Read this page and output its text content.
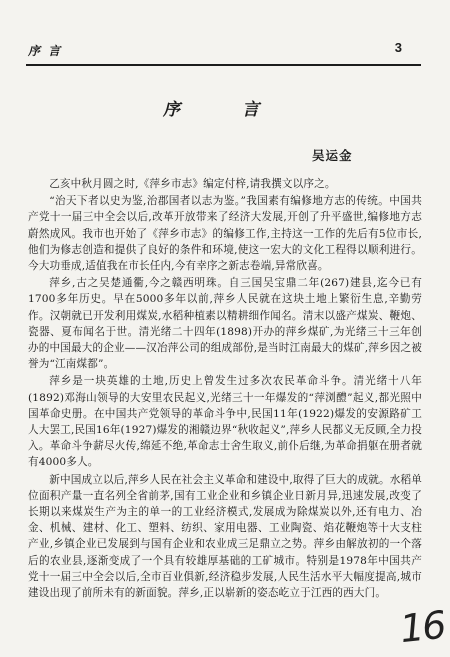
序 言	3
序 言
吴运金

乙亥中秋月圆之时,《萍乡市志》编定付梓,请我撰文以序之。

“治天下者以史为鉴,治郡国者以志为鉴。”我国素有编修地方志的传统。中国共产党十一届三中全会以后,改革开放带来了经济大发展,开创了升平盛世,编修地方志蔚然成风。我市也开始了《萍乡市志》的编修工作,主持这一工作的先后有5位市长,他们为修志创造和提供了良好的条件和环境,使这一宏大的文化工程得以顺利进行。今大功垂成,适值我在市长任内,今有幸序之新志卷端,异常欣喜。

萍乡,古之吴楚通衢,今之赣西明珠。自三国吴宝鼎二年(267)建县,迄今已有1700多年历史。早在5000多年以前,萍乡人民就在这块土地上繁衍生息,辛勤劳作。汉朝就已开发利用煤炭,水稻种植素以精耕细作闻名。清末以盛产煤炭、鞭炮、瓷器、夏布闻名于世。清光绪二十四年(1898)开办的萍乡煤矿,为光绪三十三年创办的中国最大的企业——汉冶萍公司的组成部份,是当时江南最大的煤矿,萍乡因之被誉为“江南煤都”。

萍乡是一块英雄的土地,历史上曾发生过多次农民革命斗争。清光绪十八年(1892)邓海山领导的大安里农民起义,光绪三十一年爆发的“萍浏醴”起义,都光照中国革命史册。在中国共产党领导的革命斗争中,民国11年(1922)爆发的安源路矿工人大罢工,民国16年(1927)爆发的湘赣边界“秋收起义”,萍乡人民都义无反顾,全力投入。革命斗争薪尽火传,绵延不绝,革命志士舍生取义,前仆后继,为革命捐躯在册者就有4000多人。

新中国成立以后,萍乡人民在社会主义革命和建设中,取得了巨大的成就。水稻单位面积产量一直名列全省前茅,国有工业企业和乡镇企业日新月异,迅速发展,改变了长期以来煤炭生产为主的单一的工业经济模式,发展成为除煤炭以外,还有电力、冶金、机械、建材、化工、塑料、纺织、家用电器、工业陶瓷、焰花鞭炮等十大支柱产业,乡镇企业已发展到与国有企业和农业成三足鼎立之势。萍乡由解放初的一个落后的农业县,逐渐变成了一个具有较雄厚基础的工矿城市。特别是1978年中国共产党十一届三中全会以后,全市百业俱新,经济稳步发展,人民生活水平大幅度提高,城市建设出现了前所未有的新面貌。萍乡,正以崭新的姿态屹立于江西的西大门。

16
